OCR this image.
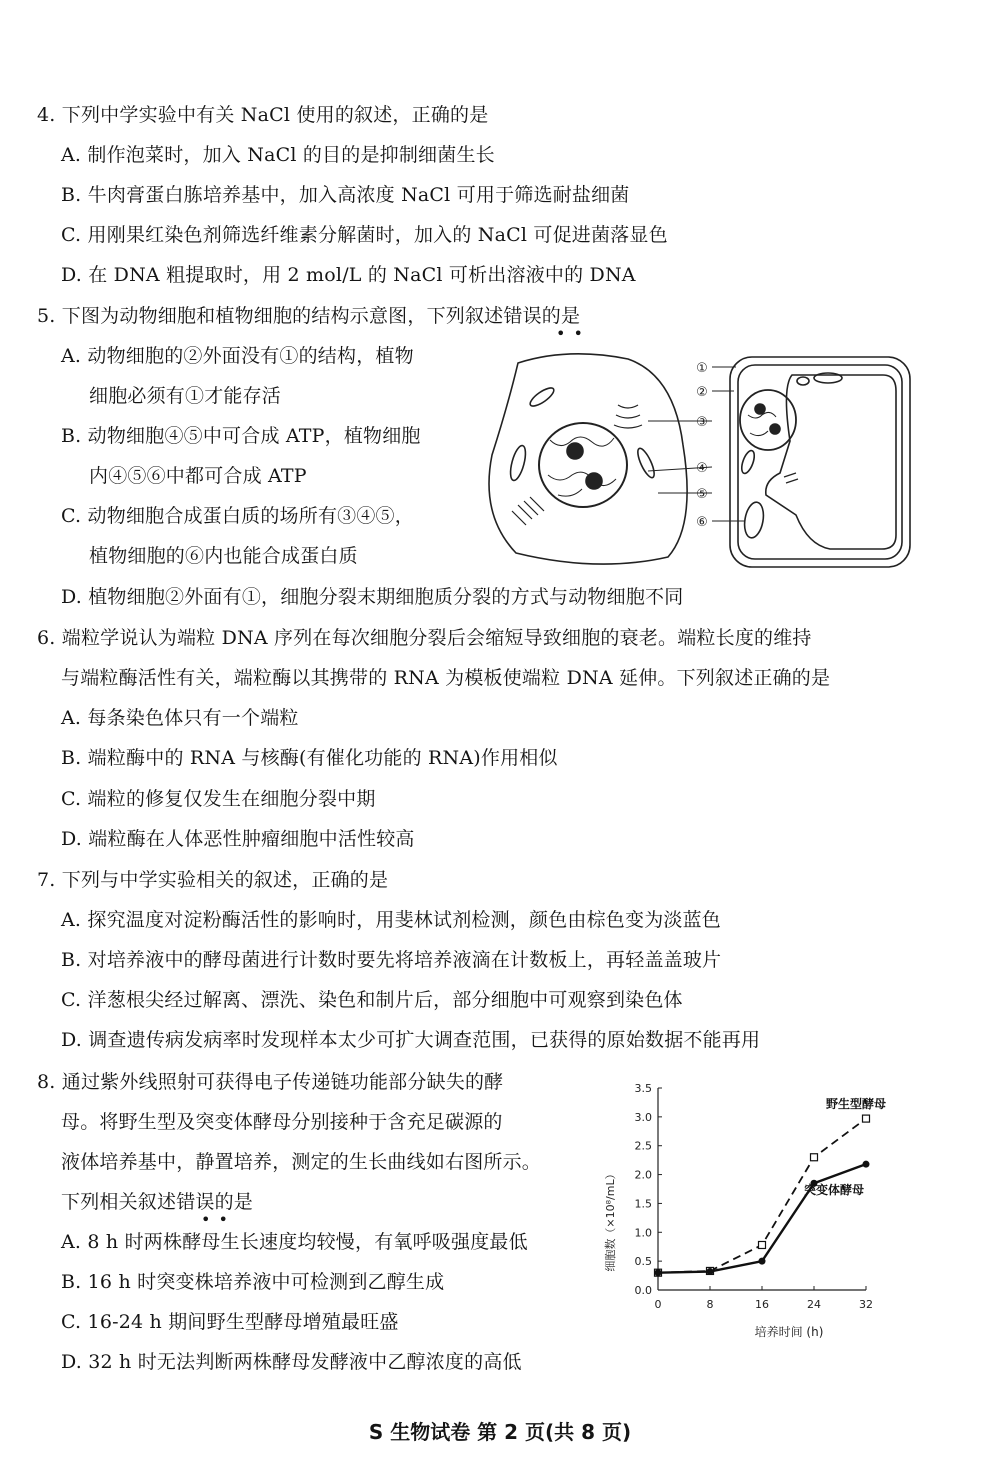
4. 下列中学实验中有关 NaCl 使用的叙述，正确的是
A. 制作泡菜时，加入 NaCl 的目的是抑制细菌生长
B. 牛肉膏蛋白胨培养基中，加入高浓度 NaCl 可用于筛选耐盐细菌
C. 用刚果红染色剂筛选纤维素分解菌时，加入的 NaCl 可促进菌落显色
D. 在 DNA 粗提取时，用 2 mol/L 的 NaCl 可析出溶液中的 DNA
5. 下图为动物细胞和植物细胞的结构示意图，下列叙述错误的是
••
A. 动物细胞的②外面没有①的结构，植物
细胞必须有①才能存活
B. 动物细胞④⑤中可合成 ATP，植物细胞
内④⑤⑥中都可合成 ATP
C. 动物细胞合成蛋白质的场所有③④⑤，
植物细胞的⑥内也能合成蛋白质
D. 植物细胞②外面有①，细胞分裂末期细胞质分裂的方式与动物细胞不同
①
②
③
④
⑤
⑥
6. 端粒学说认为端粒 DNA 序列在每次细胞分裂后会缩短导致细胞的衰老。端粒长度的维持
与端粒酶活性有关，端粒酶以其携带的 RNA 为模板使端粒 DNA 延伸。下列叙述正确的是
A. 每条染色体只有一个端粒
B. 端粒酶中的 RNA 与核酶(有催化功能的 RNA)作用相似
C. 端粒的修复仅发生在细胞分裂中期
D. 端粒酶在人体恶性肿瘤细胞中活性较高
7. 下列与中学实验相关的叙述，正确的是
A. 探究温度对淀粉酶活性的影响时，用斐林试剂检测，颜色由棕色变为淡蓝色
B. 对培养液中的酵母菌进行计数时要先将培养液滴在计数板上，再轻盖盖玻片
C. 洋葱根尖经过解离、漂洗、染色和制片后，部分细胞中可观察到染色体
D. 调查遗传病发病率时发现样本太少可扩大调查范围，已获得的原始数据不能再用
8. 通过紫外线照射可获得电子传递链功能部分缺失的酵
母。将野生型及突变体酵母分别接种于含充足碳源的
液体培养基中，静置培养，测定的生长曲线如右图所示。
下列相关叙述错误的是
••
A. 8 h 时两株酵母生长速度均较慢，有氧呼吸强度最低
B. 16 h 时突变株培养液中可检测到乙醇生成
C. 16-24 h 期间野生型酵母增殖最旺盛
D. 32 h 时无法判断两株酵母发酵液中乙醇浓度的高低
细胞数（×10⁸/mL）
培养时间 (h)
0.0
0.5
1.0
1.5
2.0
2.5
3.0
3.5
0	8	16	24	32
野生型酵母
突变体酵母
S 生物试卷 第 2 页(共 8 页)
